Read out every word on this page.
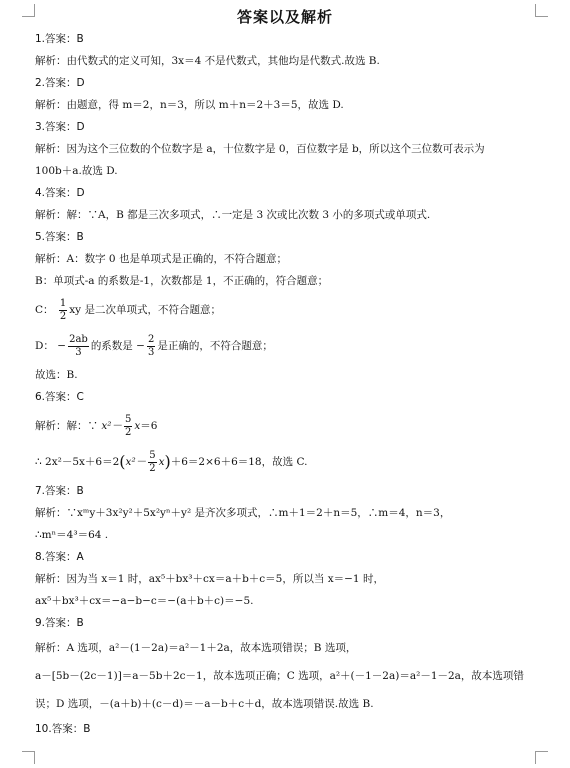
答案以及解析
1.答案：B
解析：由代数式的定义可知，3x＝4 不是代数式，其他均是代数式.故选 B.
2.答案：D
解析：由题意，得 m＝2，n＝3，所以 m＋n＝2＋3＝5，故选 D.
3.答案：D
解析：因为这个三位数的个位数字是 a，十位数字是 0，百位数字是 b，所以这个三位数可表示为
100b＋a.故选 D.
4.答案：D
解析：解：∵A，B 都是三次多项式，∴一定是 3 次或比次数 3 小的多项式或单项式.
5.答案：B
解析：A：数字 0 也是单项式是正确的，不符合题意；
B：单项式-a 的系数是-1，次数都是 1，不正确的，符合题意；
C： $\frac{1}{2}$ xy 是二次单项式，不符合题意；
D： − $\frac{2ab}{3}$ 的系数是 − $\frac{2}{3}$ 是正确的，不符合题意；
故选：B.
6.答案：C
解析：解：∵ $x^2- \frac{5}{2} x=6$
∴ $2x^2-5x+6=2(x^2- \frac{5}{2} x)+6=2\times 6+6=18$，故选 C.
7.答案：B
解析：∵xᵐy＋3x²y²＋5x²yⁿ＋y² 是齐次多项式，∴m＋1＝2＋n＝5，∴m＝4，n＝3，
∴mⁿ＝4³＝64 .
8.答案：A
解析：因为当 x＝1 时，ax⁵＋bx³＋cx＝a＋b＋c＝5，所以当 x＝−1 时，
ax⁵＋bx³＋cx＝−a−b−c＝−(a＋b＋c)＝−5.
9.答案：B
解析：A 选项，a²－(1－2a)＝a²－1＋2a，故本选项错误；B 选项，
a－[5b－(2c－1)]＝a－5b＋2c－1，故本选项正确；C 选项，a²＋(－1－2a)＝a²－1－2a，故本选项错
误；D 选项，－(a＋b)＋(c－d)＝－a－b＋c＋d，故本选项错误.故选 B.
10.答案：B
